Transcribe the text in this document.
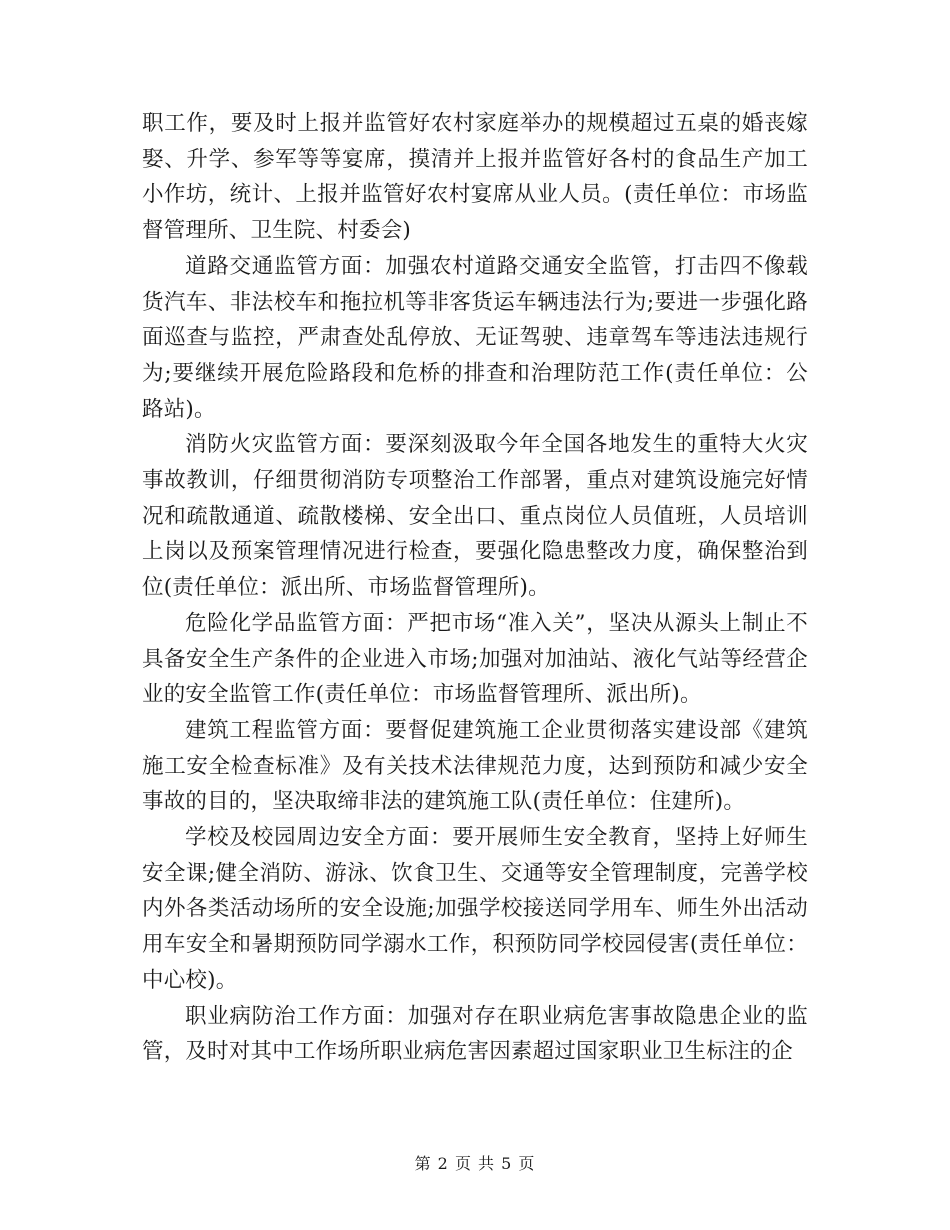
职工作，要及时上报并监管好农村家庭举办的规模超过五桌的婚丧嫁娶、升学、参军等等宴席，摸清并上报并监管好各村的食品生产加工小作坊，统计、上报并监管好农村宴席从业人员。(责任单位：市场监督管理所、卫生院、村委会)

道路交通监管方面：加强农村道路交通安全监管，打击四不像载货汽车、非法校车和拖拉机等非客货运车辆违法行为;要进一步强化路面巡查与监控，严肃查处乱停放、无证驾驶、违章驾车等违法违规行为;要继续开展危险路段和危桥的排查和治理防范工作(责任单位：公路站)。

消防火灾监管方面：要深刻汲取今年全国各地发生的重特大火灾事故教训，仔细贯彻消防专项整治工作部署，重点对建筑设施完好情况和疏散通道、疏散楼梯、安全出口、重点岗位人员值班，人员培训上岗以及预案管理情况进行检查，要强化隐患整改力度，确保整治到位(责任单位：派出所、市场监督管理所)。

危险化学品监管方面：严把市场“准入关”，坚决从源头上制止不具备安全生产条件的企业进入市场;加强对加油站、液化气站等经营企业的安全监管工作(责任单位：市场监督管理所、派出所)。

建筑工程监管方面：要督促建筑施工企业贯彻落实建设部《建筑施工安全检查标准》及有关技术法律规范力度，达到预防和减少安全事故的目的，坚决取缔非法的建筑施工队(责任单位：住建所)。

学校及校园周边安全方面：要开展师生安全教育，坚持上好师生安全课;健全消防、游泳、饮食卫生、交通等安全管理制度，完善学校内外各类活动场所的安全设施;加强学校接送同学用车、师生外出活动用车安全和暑期预防同学溺水工作，积预防同学校园侵害(责任单位：中心校)。

职业病防治工作方面：加强对存在职业病危害事故隐患企业的监管，及时对其中工作场所职业病危害因素超过国家职业卫生标注的企

第 2 页 共 5 页
